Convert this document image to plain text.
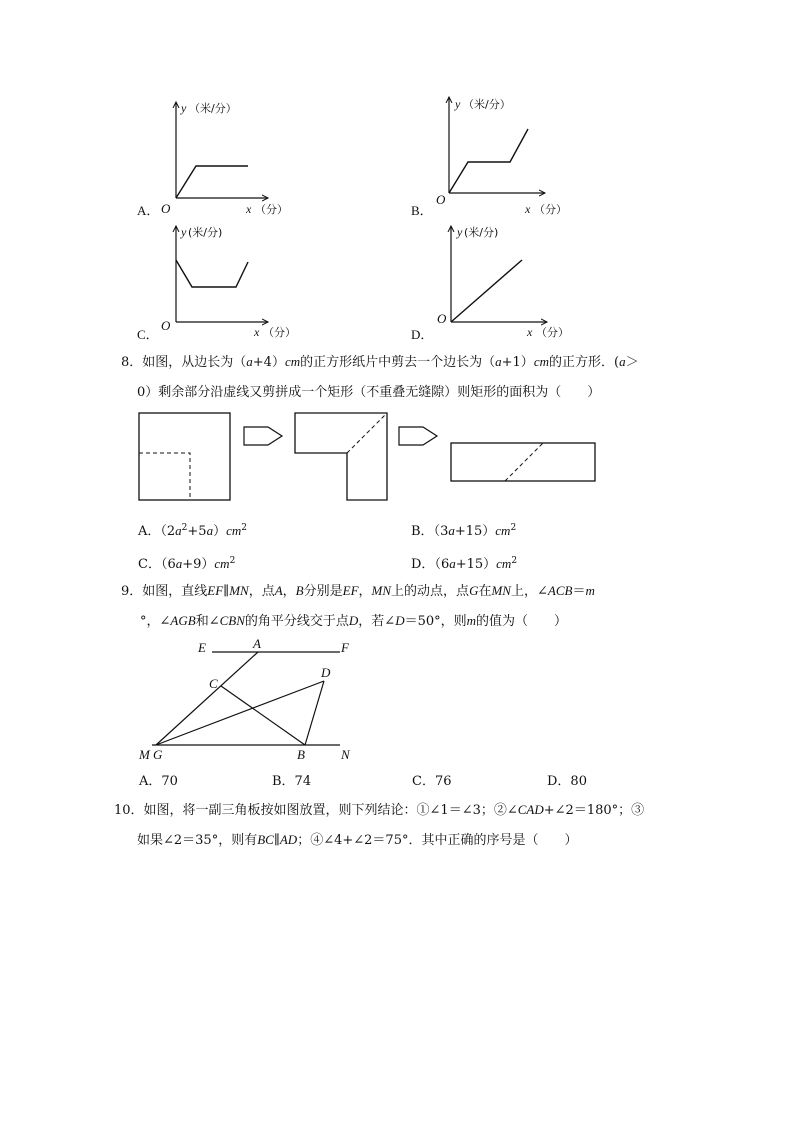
y （米/分）
x （分）
O
A．
y （米/分）
x （分）
O
B．
y (米/分)
x （分）
O
C．
y (米/分)
x （分）
O
D．
8．如图，从边长为（a+4）cm的正方形纸片中剪去一个边长为（a+1）cm的正方形．(a＞
0）剩余部分沿虚线又剪拼成一个矩形（不重叠无缝隙）则矩形的面积为（　　）
A．$(2a^2+5a)cm^2$	B．$(3a+15)cm^2$
C．$(6a+9)cm^2$	D．$(6a+15)cm^2$
9．如图，直线EF∥MN，点A，B分别是EF，MN上的动点，点G在MN上，∠ACB＝m
°，∠AGB和∠CBN的角平分线交于点D，若∠D＝50°，则m的值为（　　）
E	A	F
C
D
M G	B	N
A．70	B．74	C．76	D．80
10．如图，将一副三角板按如图放置，则下列结论：①∠1＝∠3；②∠CAD+∠2＝180°；③
如果∠2＝35°，则有BC∥AD；④∠4+∠2＝75°．其中正确的序号是（　　）
